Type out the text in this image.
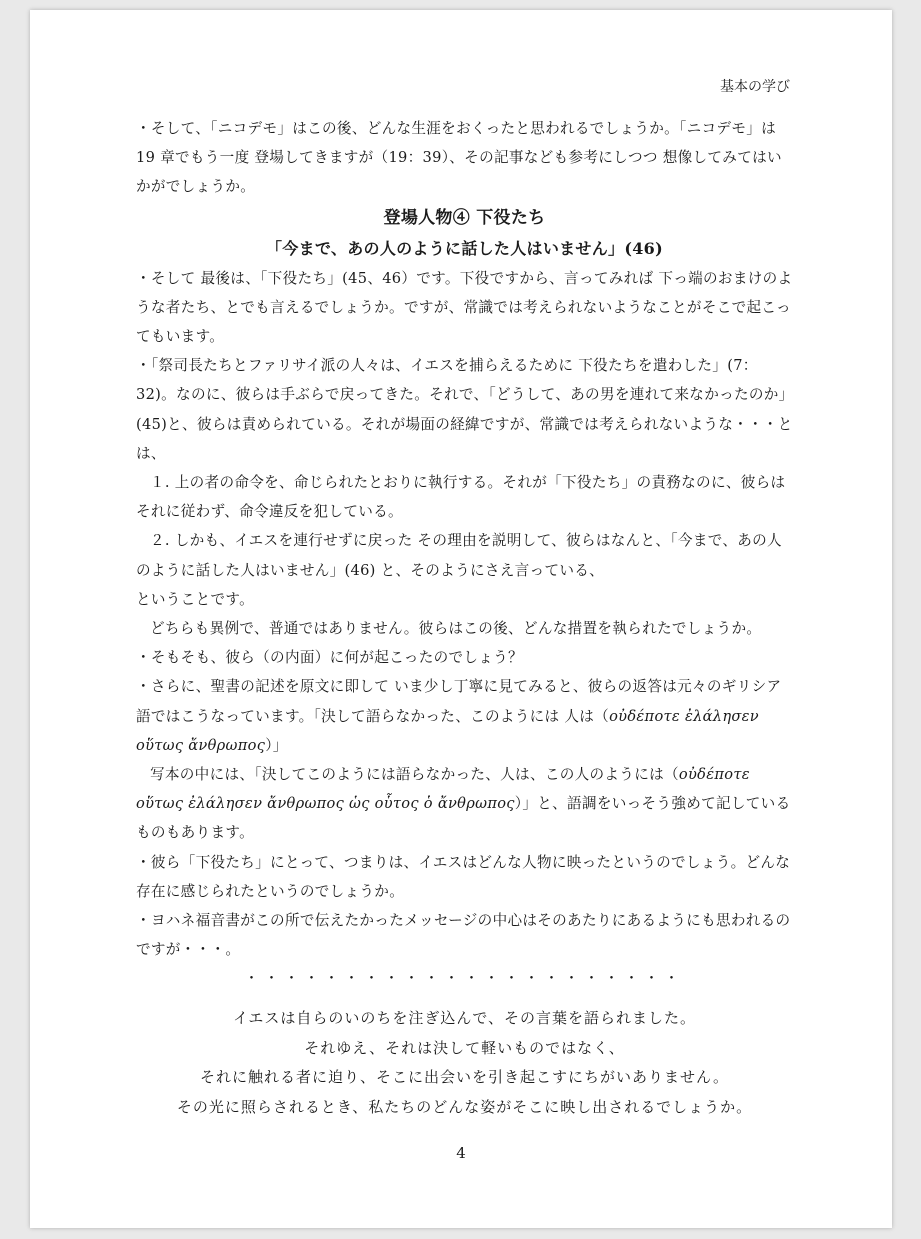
基本の学び

・そして、「ニコデモ」はこの後、どんな生涯をおくったと思われるでしょうか。「ニコデモ」は 19 章でもう一度 登場してきますが（19：39）、その記事なども参考にしつつ 想像してみてはいかがでしょうか。

登場人物④ 下役たち

「今まで、あの人のように話した人はいません」(46)

・そして 最後は、「下役たち」(45、46）です。下役ですから、言ってみれば 下っ端のおまけのような者たち、とでも言えるでしょうか。ですが、常識では考えられないようなことがそこで起こってもいます。

・「祭司長たちとファリサイ派の人々は、イエスを捕らえるために 下役たちを遣わした」(7：32)。なのに、彼らは手ぶらで戻ってきた。それで、「どうして、あの男を連れて来なかったのか」(45)と、彼らは責められている。それが場面の経緯ですが、常識では考えられないような・・・とは、

１. 上の者の命令を、命じられたとおりに執行する。それが「下役たち」の責務なのに、彼らはそれに従わず、命令違反を犯している。

２. しかも、イエスを連行せずに戻った その理由を説明して、彼らはなんと、「今まで、あの人のように話した人はいません」(46) と、そのようにさえ言っている、

ということです。

どちらも異例で、普通ではありません。彼らはこの後、どんな措置を執られたでしょうか。

・そもそも、彼ら（の内面）に何が起こったのでしょう？

・さらに、聖書の記述を原文に即して いま少し丁寧に見てみると、彼らの返答は元々のギリシア語ではこうなっています。「決して語らなかった、このようには 人は（οὐδέποτε ἐλάλησεν οὕτως ἄνθρωπος）」

写本の中には、「決してこのようには語らなかった、人は、この人のようには（οὐδέποτε οὕτως ἐλάλησεν ἄνθρωπος ὡς οὗτος ὁ ἄνθρωπος）」と、語調をいっそう強めて記しているものもあります。

・彼ら「下役たち」にとって、つまりは、イエスはどんな人物に映ったというのでしょう。どんな存在に感じられたというのでしょうか。

・ヨハネ福音書がこの所で伝えたかったメッセージの中心はそのあたりにあるようにも思われるのですが・・・。

・・・・・・・・・・・・・・・・・・・・・・

イエスは自らのいのちを注ぎ込んで、その言葉を語られました。
それゆえ、それは決して軽いものではなく、
それに触れる者に迫り、そこに出会いを引き起こすにちがいありません。
その光に照らされるとき、私たちのどんな姿がそこに映し出されるでしょうか。
4
